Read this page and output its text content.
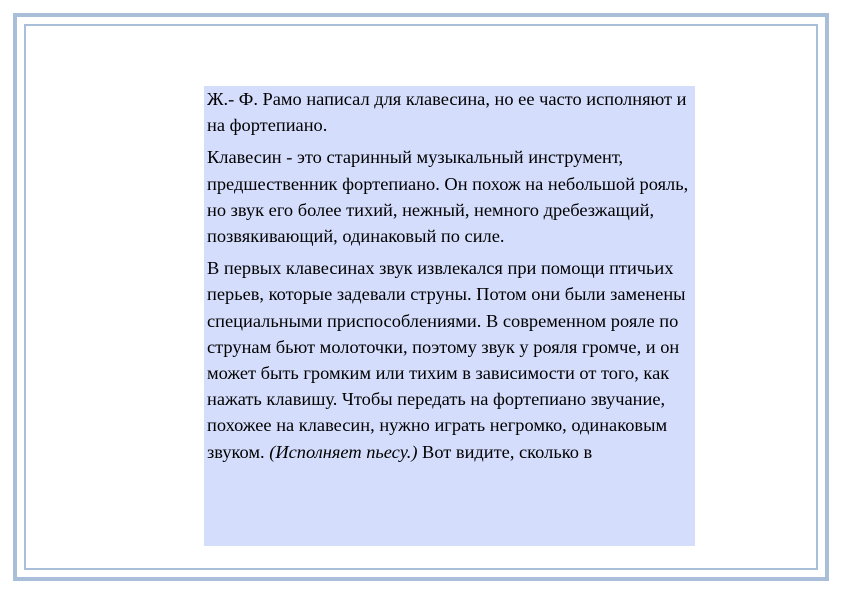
Ж.- Ф. Рамо написал для клавесина, но ее часто исполняют и на фортепиано.

Клавесин - это старинный музыкальный инструмент, предшественник фортепиано. Он похож на небольшой рояль, но звук его более тихий, нежный, немного дребезжащий, позвякивающий, одинаковый по силе.

В первых клавесинах звук извлекался при помощи птичьих перьев, которые задевали струны. Потом они были заменены специальными приспособлениями. В современном рояле по струнам бьют молоточки, поэтому звук у рояля громче, и он может быть громким или тихим в зависимости от того, как нажать клавишу. Чтобы передать на фортепиано звучание, похожее на клавесин, нужно играть негромко, одинаковым звуком. (Исполняет пьесу.) Вот видите, сколько в
